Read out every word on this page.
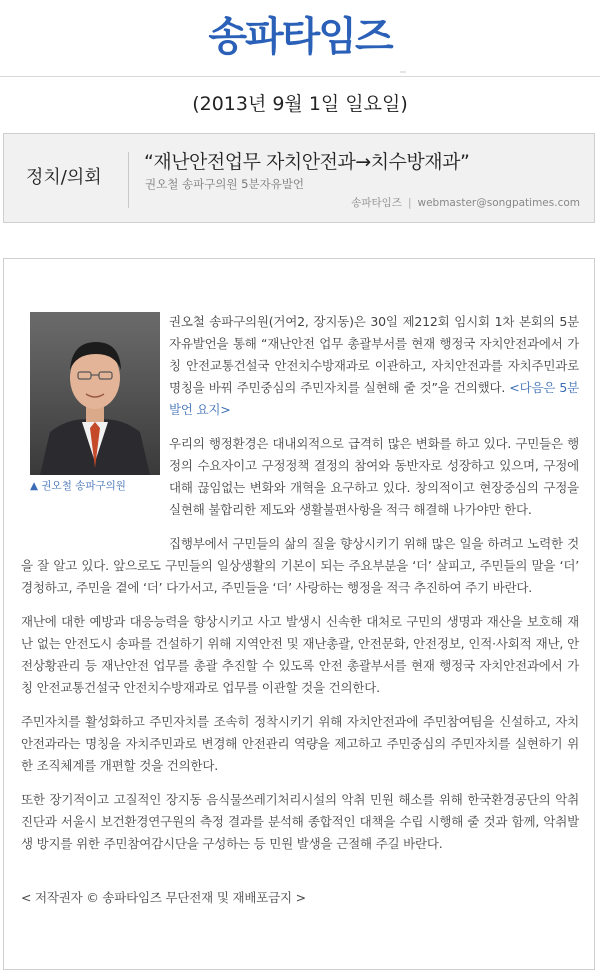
송파타임즈
(2013년 9월 1일 일요일)
정치/의회
“재난안전업무 자치안전과→치수방재과”
권오철 송파구의원 5분자유발언
송파타임즈 | webmaster@songpatimes.com
▲ 권오철 송파구의원

권오철 송파구의원(거여2, 장지동)은 30일 제212회 임시회 1차 본회의 5분자유발언을 통해 “재난안전 업무 총괄부서를 현재 행정국 자치안전과에서 가칭 안전교통건설국 안전치수방재과로 이관하고, 자치안전과를 자치주민과로 명칭을 바꿔 주민중심의 주민자치를 실현해 줄 것”을 건의했다. <다음은 5분발언 요지>

우리의 행정환경은 대내외적으로 급격히 많은 변화를 하고 있다. 구민들은 행정의 수요자이고 구정정책 결정의 참여와 동반자로 성장하고 있으며, 구정에 대해 끊임없는 변화와 개혁을 요구하고 있다. 창의적이고 현장중심의 구정을 실현해 불합리한 제도와 생활불편사항을 적극 해결해 나가야만 한다.

집행부에서 구민들의 삶의 질을 향상시키기 위해 많은 일을 하려고 노력한 것을 잘 알고 있다. 앞으로도 구민들의 일상생활의 기본이 되는 주요부분을 ‘더’ 살피고, 주민들의 말을 ‘더’ 경청하고, 주민을 곁에 ‘더’ 다가서고, 주민들을 ‘더’ 사랑하는 행정을 적극 추진하여 주기 바란다.

재난에 대한 예방과 대응능력을 향상시키고 사고 발생시 신속한 대처로 구민의 생명과 재산을 보호해 재난 없는 안전도시 송파를 건설하기 위해 지역안전 및 재난총괄, 안전문화, 안전정보, 인적·사회적 재난, 안전상황관리 등 재난안전 업무를 총괄 추진할 수 있도록 안전 총괄부서를 현재 행정국 자치안전과에서 가칭 안전교통건설국 안전치수방재과로 업무를 이관할 것을 건의한다.

주민자치를 활성화하고 주민자치를 조속히 정착시키기 위해 자치안전과에 주민참여팀을 신설하고, 자치안전과라는 명칭을 자치주민과로 변경해 안전관리 역량을 제고하고 주민중심의 주민자치를 실현하기 위한 조직체계를 개편할 것을 건의한다.

또한 장기적이고 고질적인 장지동 음식물쓰레기처리시설의 악취 민원 해소를 위해 한국환경공단의 악취 진단과 서울시 보건환경연구원의 측정 결과를 분석해 종합적인 대책을 수립 시행해 줄 것과 함께, 악취발생 방지를 위한 주민참여감시단을 구성하는 등 민원 발생을 근절해 주길 바란다.

< 저작권자 © 송파타임즈 무단전재 및 재배포금지 >
